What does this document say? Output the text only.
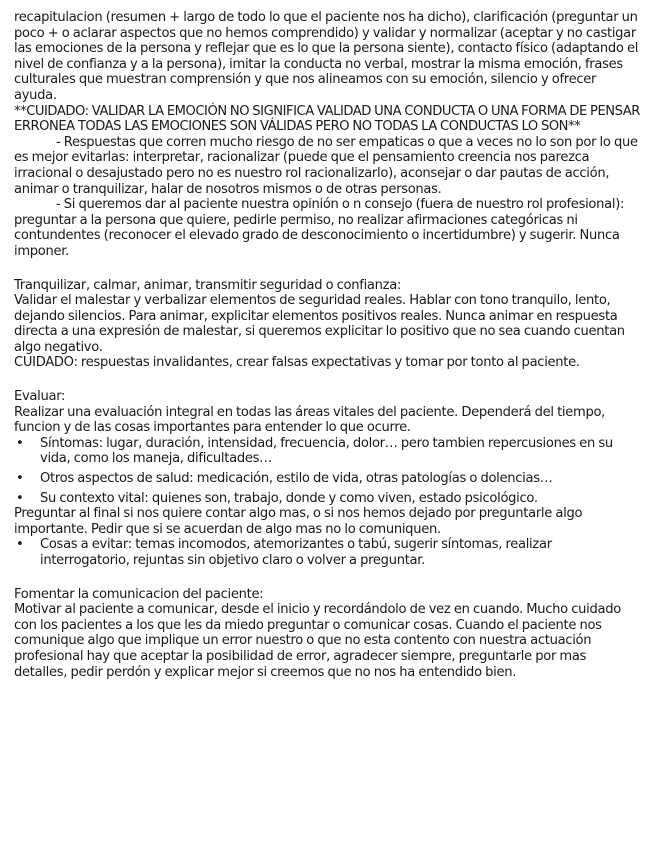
recapitulacion (resumen + largo de todo lo que el paciente nos ha dicho), clarificación (preguntar un poco + o aclarar aspectos que no hemos comprendido) y validar y normalizar (aceptar y no castigar las emociones de la persona y reflejar que es lo que la persona siente), contacto físico (adaptando el nivel de confianza y a la persona), imitar la conducta no verbal, mostrar la misma emoción, frases culturales que muestran comprensión y que nos alineamos con su emoción, silencio y ofrecer ayuda.

**CUIDADO: VALIDAR LA EMOCIÓN NO SIGNIFICA VALIDAD UNA CONDUCTA O UNA FORMA DE PENSAR ERRONEA TODAS LAS EMOCIONES SON VÁLIDAS PERO NO TODAS LA CONDUCTAS LO SON**

- Respuestas que corren mucho riesgo de no ser empaticas o que a veces no lo son por lo que es mejor evitarlas: interpretar, racionalizar (puede que el pensamiento creencia nos parezca irracional o desajustado pero no es nuestro rol racionalizarlo), aconsejar o dar pautas de acción, animar o tranquilizar, halar de nosotros mismos o de otras personas.

- Si queremos dar al paciente nuestra opinión o n consejo (fuera de nuestro rol profesional): preguntar a la persona que quiere, pedirle permiso, no realizar afirmaciones categóricas ni contundentes (reconocer el elevado grado de desconocimiento o incertidumbre) y sugerir. Nunca imponer.

Tranquilizar, calmar, animar, transmitir seguridad o confianza:

Validar el malestar y verbalizar elementos de seguridad reales. Hablar con tono tranquilo, lento, dejando silencios. Para animar, explicitar elementos positivos reales. Nunca animar en respuesta directa a una expresión de malestar, si queremos explicitar lo positivo que no sea cuando cuentan algo negativo.

CUIDADO: respuestas invalidantes, crear falsas expectativas y tomar por tonto al paciente.

Evaluar:

Realizar una evaluación integral en todas las áreas vitales del paciente. Dependerá del tiempo, funcion y de las cosas importantes para entender lo que ocurre.

• Síntomas: lugar, duración, intensidad, frecuencia, dolor… pero tambien repercusiones en su vida, como los maneja, dificultades…
• Otros aspectos de salud: medicación, estilo de vida, otras patologías o dolencias…
• Su contexto vital: quienes son, trabajo, donde y como viven, estado psicológico.

Preguntar al final si nos quiere contar algo mas, o si nos hemos dejado por preguntarle algo importante. Pedir que si se acuerdan de algo mas no lo comuniquen.

• Cosas a evitar: temas incomodos, atemorizantes o tabú, sugerir síntomas, realizar interrogatorio, rejuntas sin objetivo claro o volver a preguntar.

Fomentar la comunicacion del paciente:

Motivar al paciente a comunicar, desde el inicio y recordándolo de vez en cuando. Mucho cuidado con los pacientes a los que les da miedo preguntar o comunicar cosas. Cuando el paciente nos comunique algo que implique un error nuestro o que no esta contento con nuestra actuación profesional hay que aceptar la posibilidad de error, agradecer siempre, preguntarle por mas detalles, pedir perdón y explicar mejor si creemos que no nos ha entendido bien.
